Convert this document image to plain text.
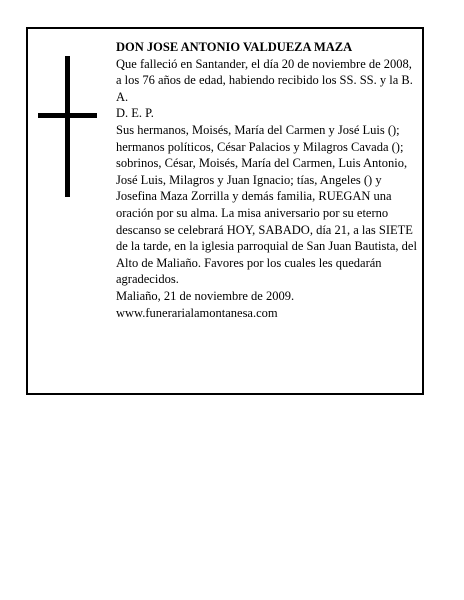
DON JOSE ANTONIO VALDUEZA MAZA

Que falleció en Santander, el día 20 de noviembre de 2008,

a los 76 años de edad, habiendo recibido los SS. SS. y la B. A.

D. E. P.

Sus hermanos, Moisés, María del Carmen y José Luis (); hermanos políticos, César Palacios y Milagros Cavada (); sobrinos, César, Moisés, María del Carmen, Luis Antonio, José Luis, Milagros y Juan Ignacio; tías, Angeles () y Josefina Maza Zorrilla y demás familia, RUEGAN una oración por su alma. La misa aniversario por su eterno descanso se celebrará HOY, SABADO, día 21, a las SIETE de la tarde, en la iglesia parroquial de San Juan Bautista, del Alto de Maliaño. Favores por los cuales les quedarán agradecidos.

Maliaño, 21 de noviembre de 2009.

www.funerarialamontanesa.com
